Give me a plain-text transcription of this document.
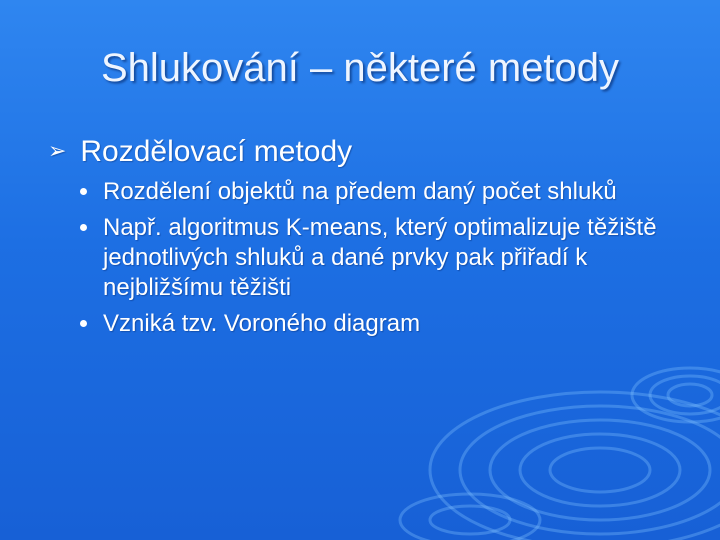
Shlukování – některé metody
➢ Rozdělovací metody
Rozdělení objektů na předem daný počet shluků
Např. algoritmus K-means, který optimalizuje těžiště jednotlivých shluků a dané prvky pak přiřadí k nejbližšímu těžišti
Vzniká tzv. Voroného diagram
